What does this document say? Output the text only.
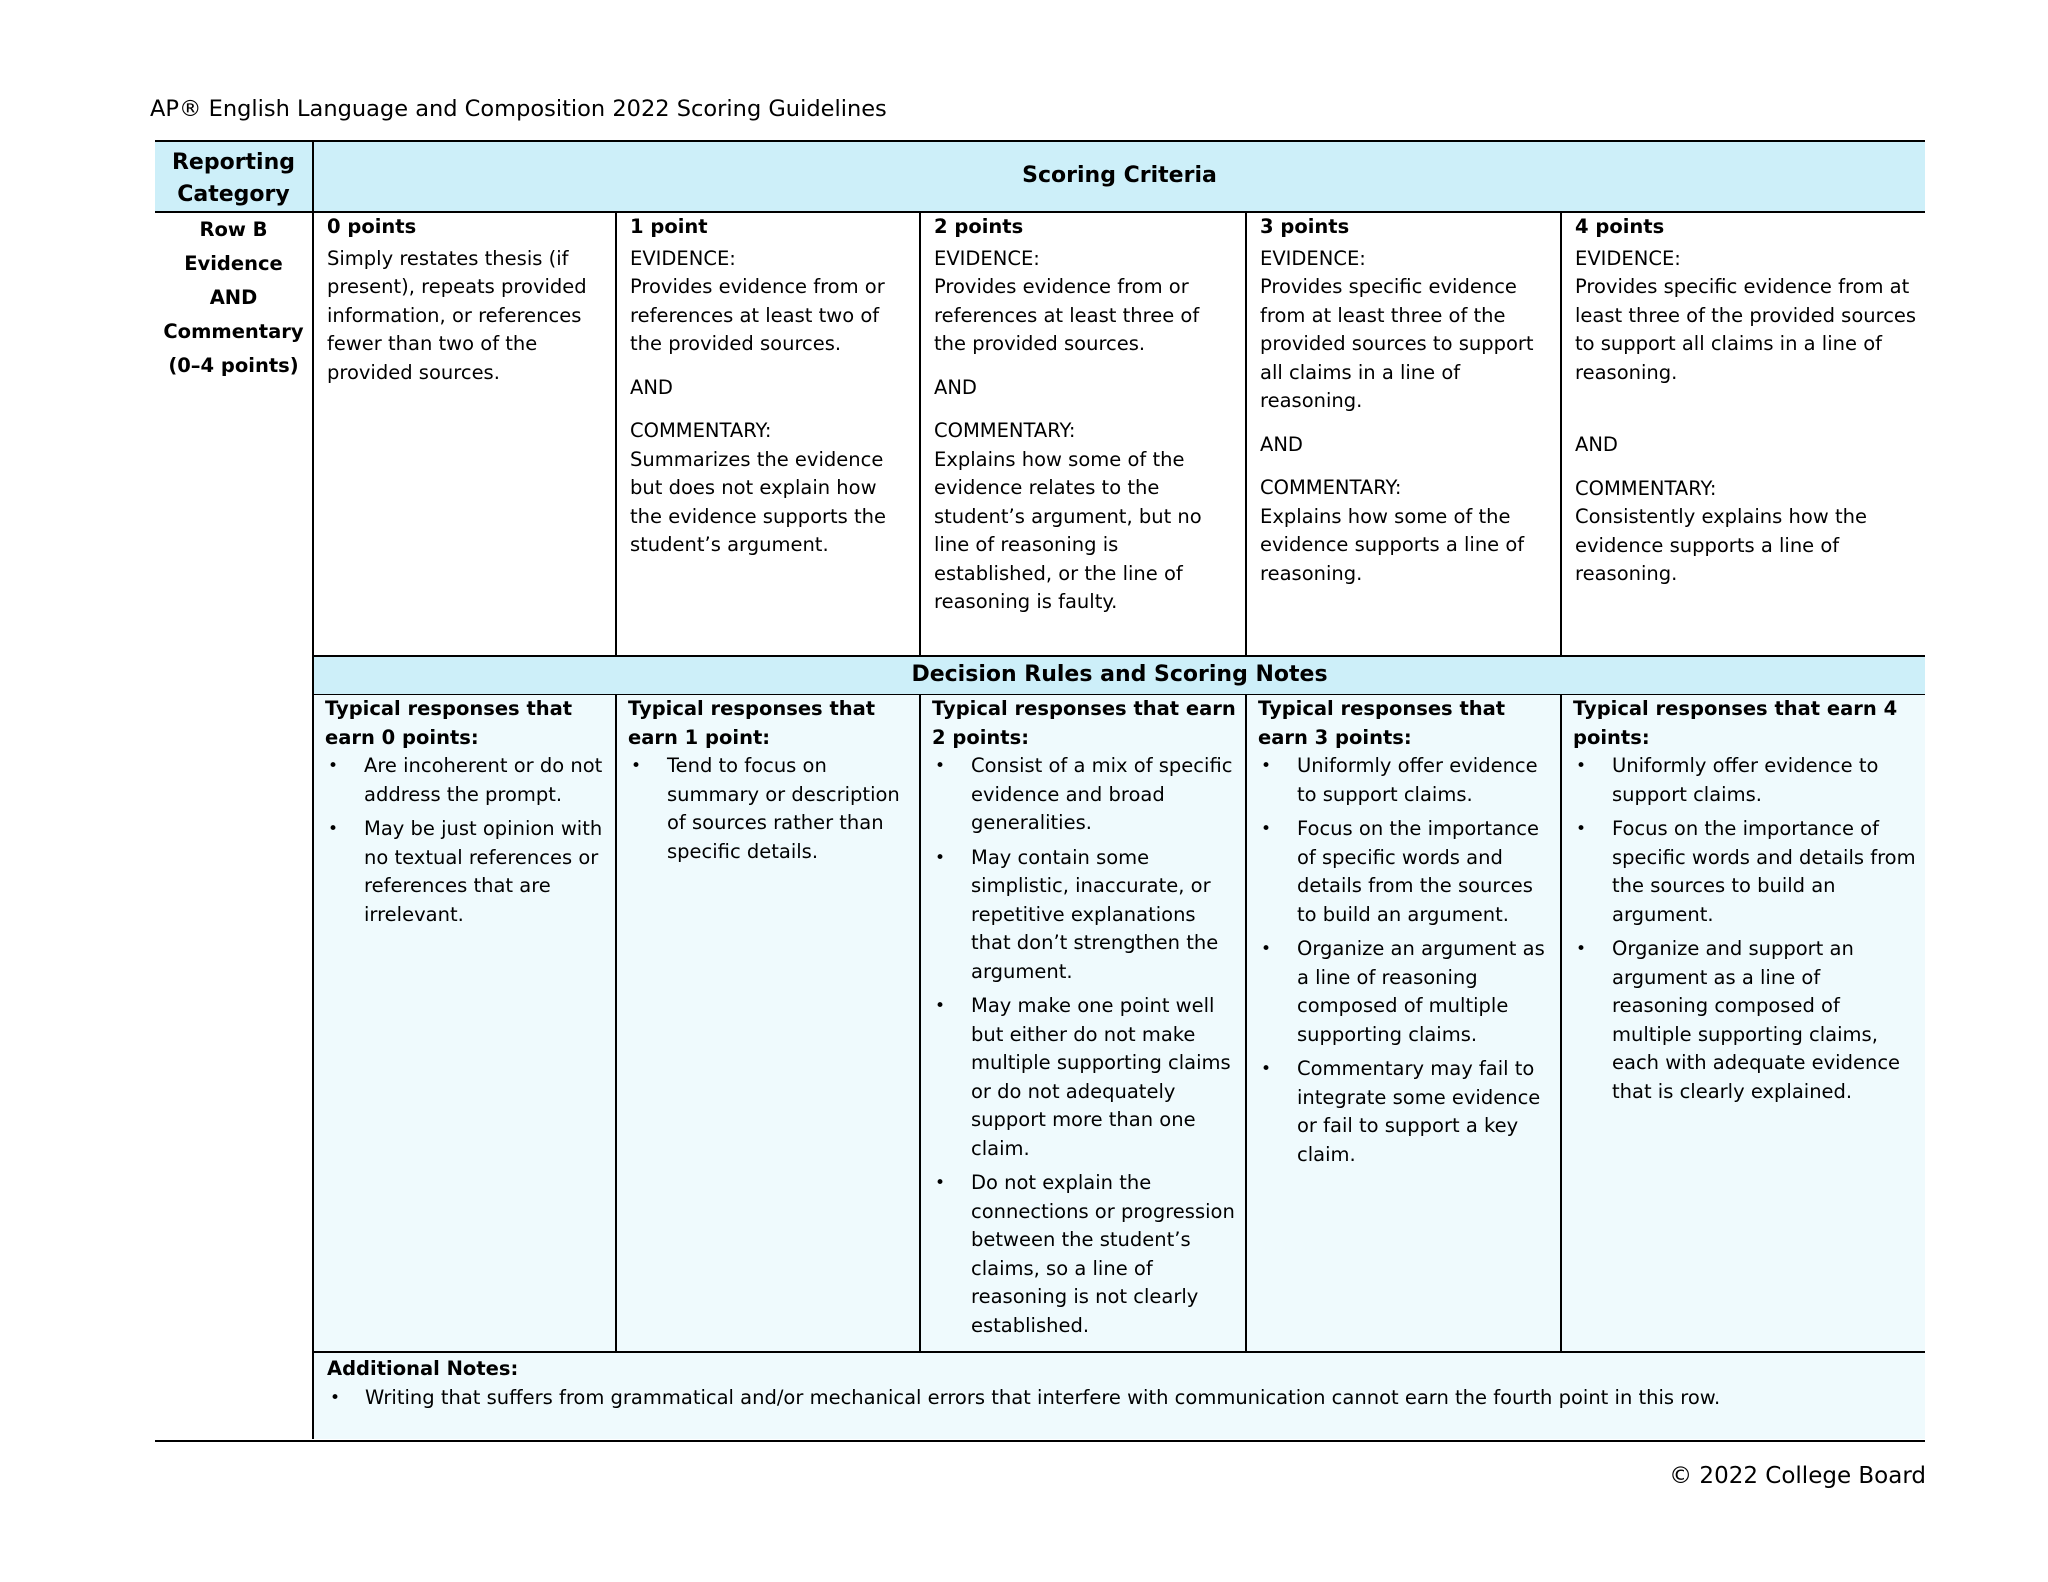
AP® English Language and Composition 2022 Scoring Guidelines
Reporting Category
Scoring Criteria
Row B
Evidence
AND
Commentary
(0–4 points)
0 points

Simply restates thesis (if present), repeats provided information, or references fewer than two of the provided sources.

1 point
EVIDENCE:

Provides evidence from or references at least two of the provided sources.

AND
COMMENTARY:

Summarizes the evidence but does not explain how the evidence supports the student’s argument.

2 points
EVIDENCE:

Provides evidence from or references at least three of the provided sources.

AND
COMMENTARY:

Explains how some of the evidence relates to the student’s argument, but no line of reasoning is established, or the line of reasoning is faulty.

3 points
EVIDENCE:

Provides specific evidence from at least three of the provided sources to support all claims in a line of reasoning.

AND
COMMENTARY:

Explains how some of the evidence supports a line of reasoning.

4 points
EVIDENCE:

Provides specific evidence from at least three of the provided sources to support all claims in a line of reasoning.

AND
COMMENTARY:

Consistently explains how the evidence supports a line of reasoning.

Decision Rules and Scoring Notes
Typical responses that earn 0 points:
• Are incoherent or do not address the prompt.
• May be just opinion with no textual references or references that are irrelevant.
Typical responses that earn 1 point:
• Tend to focus on summary or description of sources rather than specific details.
Typical responses that earn 2 points:
• Consist of a mix of specific evidence and broad generalities.
• May contain some simplistic, inaccurate, or repetitive explanations that don’t strengthen the argument.
• May make one point well but either do not make multiple supporting claims or do not adequately support more than one claim.
• Do not explain the connections or progression between the student’s claims, so a line of reasoning is not clearly established.
Typical responses that earn 3 points:
• Uniformly offer evidence to support claims.
• Focus on the importance of specific words and details from the sources to build an argument.
• Organize an argument as a line of reasoning composed of multiple supporting claims.
• Commentary may fail to integrate some evidence or fail to support a key claim.
Typical responses that earn 4 points:
• Uniformly offer evidence to support claims.
• Focus on the importance of specific words and details from the sources to build an argument.
• Organize and support an argument as a line of reasoning composed of multiple supporting claims, each with adequate evidence that is clearly explained.
Additional Notes:
• Writing that suffers from grammatical and/or mechanical errors that interfere with communication cannot earn the fourth point in this row.
© 2022 College Board
